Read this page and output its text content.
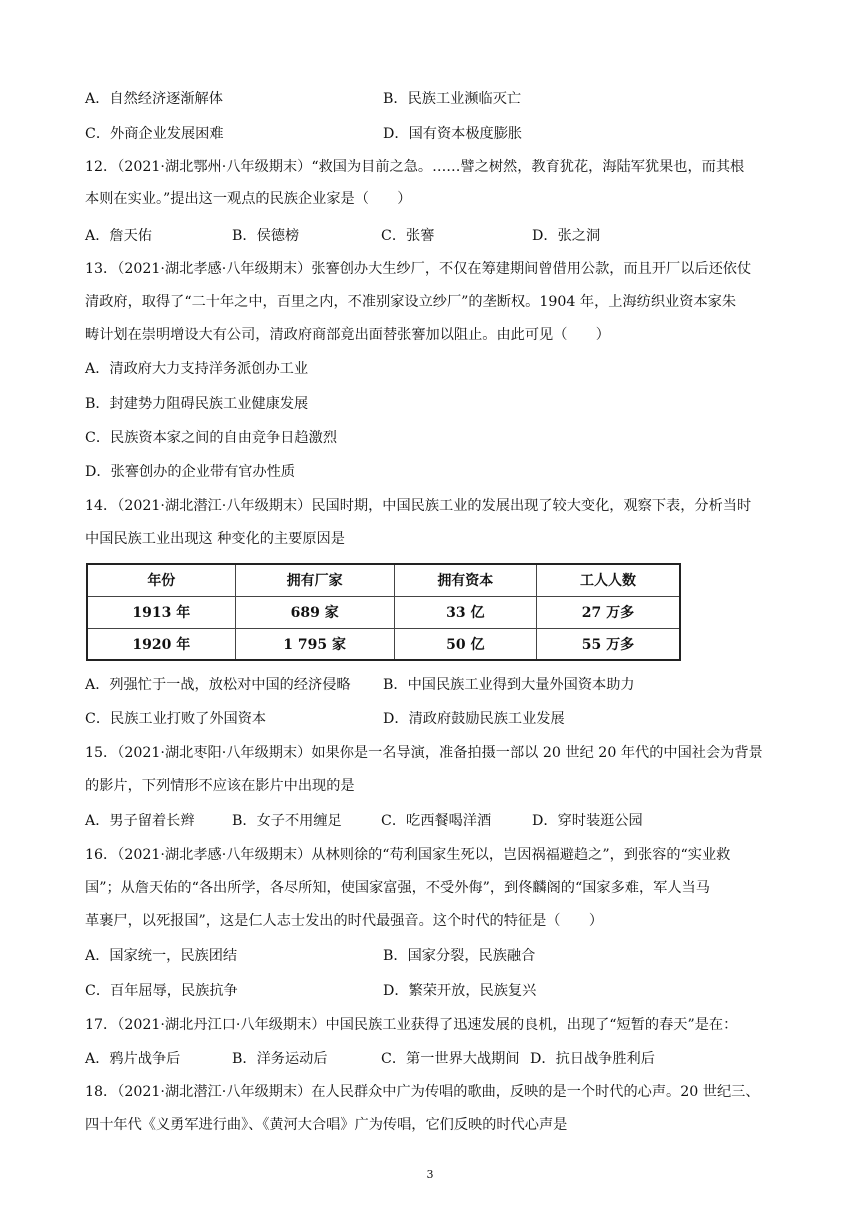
A．自然经济逐渐解体	B．民族工业濒临灭亡
C．外商企业发展困难	D．国有资本极度膨胀
12．（2021·湖北鄂州·八年级期末）“救国为目前之急。……譬之树然，教育犹花，海陆军犹果也，而其根
本则在实业。”提出这一观点的民族企业家是（　　）
A．詹天佑	B．侯德榜	C．张謇	D．张之洞
13．（2021·湖北孝感·八年级期末）张謇创办大生纱厂，不仅在筹建期间曾借用公款，而且开厂以后还依仗
清政府，取得了“二十年之中，百里之内，不准别家设立纱厂”的垄断权。1904 年，上海纺织业资本家朱
畴计划在崇明增设大有公司，清政府商部竟出面替张謇加以阻止。由此可见（　　）
A．清政府大力支持洋务派创办工业
B．封建势力阻碍民族工业健康发展
C．民族资本家之间的自由竞争日趋激烈
D．张謇创办的企业带有官办性质
14．（2021·湖北潜江·八年级期末）民国时期，中国民族工业的发展出现了较大变化，观察下表，分析当时
中国民族工业出现这 种变化的主要原因是
年份	拥有厂家	拥有资本	工人人数
1913 年	689 家	33 亿	27 万多
1920 年	1 795 家	50 亿	55 万多
A．列强忙于一战，放松对中国的经济侵略 B．中国民族工业得到大量外国资本助力
C．民族工业打败了外国资本	D．清政府鼓励民族工业发展
15．（2021·湖北枣阳·八年级期末）如果你是一名导演，准备拍摄一部以 20 世纪 20 年代的中国社会为背景
的影片，下列情形不应该在影片中出现的是
A．男子留着长辫	B．女子不用缠足	C．吃西餐喝洋酒	D．穿时装逛公园
16．（2021·湖北孝感·八年级期末）从林则徐的“苟利国家生死以，岂因祸福避趋之”，到张容的“实业救
国”；从詹天佑的“各出所学，各尽所知，使国家富强，不受外侮”，到佟麟阁的“国家多难，军人当马
革裹尸，以死报国”，这是仁人志士发出的时代最强音。这个时代的特征是（　　）
A．国家统一，民族团结	B．国家分裂，民族融合
C．百年屈辱，民族抗争	D．繁荣开放，民族复兴
17．（2021·湖北丹江口·八年级期末）中国民族工业获得了迅速发展的良机，出现了“短暂的春天”是在：
A．鸦片战争后	B．洋务运动后	C．第一世界大战期间 D．抗日战争胜利后
18．（2021·湖北潜江·八年级期末）在人民群众中广为传唱的歌曲，反映的是一个时代的心声。20 世纪三、
四十年代《义勇军进行曲》、《黄河大合唱》广为传唱，它们反映的时代心声是
3
